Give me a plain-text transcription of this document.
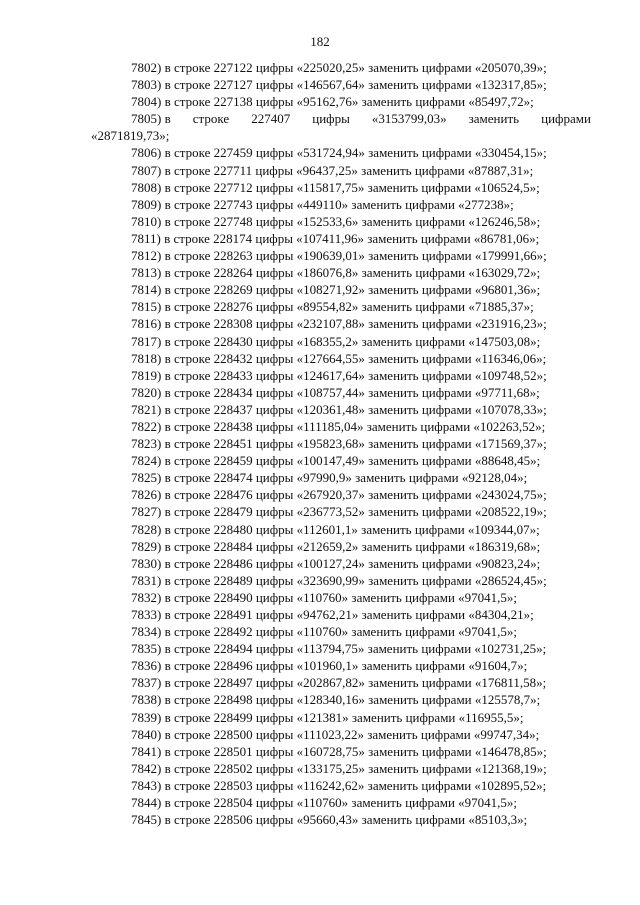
182
7802) в строке 227122 цифры «225020,25» заменить цифрами «205070,39»;
7803) в строке 227127 цифры «146567,64» заменить цифрами «132317,85»;
7804) в строке 227138 цифры «95162,76» заменить цифрами «85497,72»;
7805) в строке 227407 цифры «3153799,03» заменить цифрами
«2871819,73»;
7806) в строке 227459 цифры «531724,94» заменить цифрами «330454,15»;
7807) в строке 227711 цифры «96437,25» заменить цифрами «87887,31»;
7808) в строке 227712 цифры «115817,75» заменить цифрами «106524,5»;
7809) в строке 227743 цифры «449110» заменить цифрами «277238»;
7810) в строке 227748 цифры «152533,6» заменить цифрами «126246,58»;
7811) в строке 228174 цифры «107411,96» заменить цифрами «86781,06»;
7812) в строке 228263 цифры «190639,01» заменить цифрами «179991,66»;
7813) в строке 228264 цифры «186076,8» заменить цифрами «163029,72»;
7814) в строке 228269 цифры «108271,92» заменить цифрами «96801,36»;
7815) в строке 228276 цифры «89554,82» заменить цифрами «71885,37»;
7816) в строке 228308 цифры «232107,88» заменить цифрами «231916,23»;
7817) в строке 228430 цифры «168355,2» заменить цифрами «147503,08»;
7818) в строке 228432 цифры «127664,55» заменить цифрами «116346,06»;
7819) в строке 228433 цифры «124617,64» заменить цифрами «109748,52»;
7820) в строке 228434 цифры «108757,44» заменить цифрами «97711,68»;
7821) в строке 228437 цифры «120361,48» заменить цифрами «107078,33»;
7822) в строке 228438 цифры «111185,04» заменить цифрами «102263,52»;
7823) в строке 228451 цифры «195823,68» заменить цифрами «171569,37»;
7824) в строке 228459 цифры «100147,49» заменить цифрами «88648,45»;
7825) в строке 228474 цифры «97990,9» заменить цифрами «92128,04»;
7826) в строке 228476 цифры «267920,37» заменить цифрами «243024,75»;
7827) в строке 228479 цифры «236773,52» заменить цифрами «208522,19»;
7828) в строке 228480 цифры «112601,1» заменить цифрами «109344,07»;
7829) в строке 228484 цифры «212659,2» заменить цифрами «186319,68»;
7830) в строке 228486 цифры «100127,24» заменить цифрами «90823,24»;
7831) в строке 228489 цифры «323690,99» заменить цифрами «286524,45»;
7832) в строке 228490 цифры «110760» заменить цифрами «97041,5»;
7833) в строке 228491 цифры «94762,21» заменить цифрами «84304,21»;
7834) в строке 228492 цифры «110760» заменить цифрами «97041,5»;
7835) в строке 228494 цифры «113794,75» заменить цифрами «102731,25»;
7836) в строке 228496 цифры «101960,1» заменить цифрами «91604,7»;
7837) в строке 228497 цифры «202867,82» заменить цифрами «176811,58»;
7838) в строке 228498 цифры «128340,16» заменить цифрами «125578,7»;
7839) в строке 228499 цифры «121381» заменить цифрами «116955,5»;
7840) в строке 228500 цифры «111023,22» заменить цифрами «99747,34»;
7841) в строке 228501 цифры «160728,75» заменить цифрами «146478,85»;
7842) в строке 228502 цифры «133175,25» заменить цифрами «121368,19»;
7843) в строке 228503 цифры «116242,62» заменить цифрами «102895,52»;
7844) в строке 228504 цифры «110760» заменить цифрами «97041,5»;
7845) в строке 228506 цифры «95660,43» заменить цифрами «85103,3»;
